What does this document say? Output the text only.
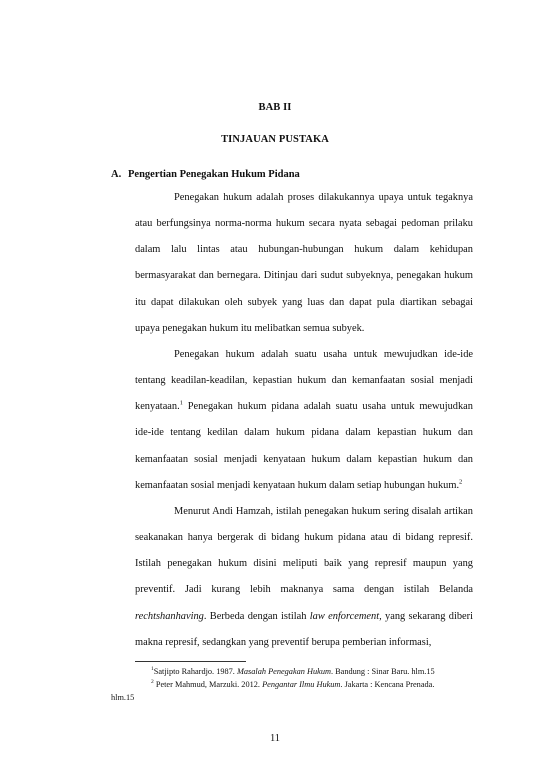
BAB II
TINJAUAN PUSTAKA
A. Pengertian Penegakan Hukum Pidana

Penegakan hukum adalah proses dilakukannya upaya untuk tegaknya atau berfungsinya norma-norma hukum secara nyata sebagai pedoman prilaku dalam lalu lintas atau hubungan-hubungan hukum dalam kehidupan bermasyarakat dan bernegara. Ditinjau dari sudut subyeknya, penegakan hukum itu dapat dilakukan oleh subyek yang luas dan dapat pula diartikan sebagai upaya penegakan hukum itu melibatkan semua subyek.

Penegakan hukum adalah suatu usaha untuk mewujudkan ide-ide tentang keadilan-keadilan, kepastian hukum dan kemanfaatan sosial menjadi kenyataan.$^1$ Penegakan hukum pidana adalah suatu usaha untuk mewujudkan ide-ide tentang kedilan dalam hukum pidana dalam kepastian hukum dan kemanfaatan sosial menjadi kenyataan hukum dalam kepastian hukum dan kemanfaatan sosial menjadi kenyataan hukum dalam setiap hubungan hukum.$^2$

Menurut Andi Hamzah, istilah penegakan hukum sering disalah artikan seakanakan hanya bergerak di bidang hukum pidana atau di bidang represif. Istilah penegakan hukum disini meliputi baik yang represif maupun yang preventif. Jadi kurang lebih maknanya sama dengan istilah Belanda rechtshanhaving. Berbeda dengan istilah law enforcement, yang sekarang diberi makna represif, sedangkan yang preventif berupa pemberian informasi,

$^1$Satjipto Rahardjo. 1987. Masalah Penegakan Hukum. Bandung : Sinar Baru. hlm.15

$^2$ Peter Mahmud, Marzuki. 2012. Pengantar Ilmu Hukum. Jakarta : Kencana Prenada.

hlm.15

11
